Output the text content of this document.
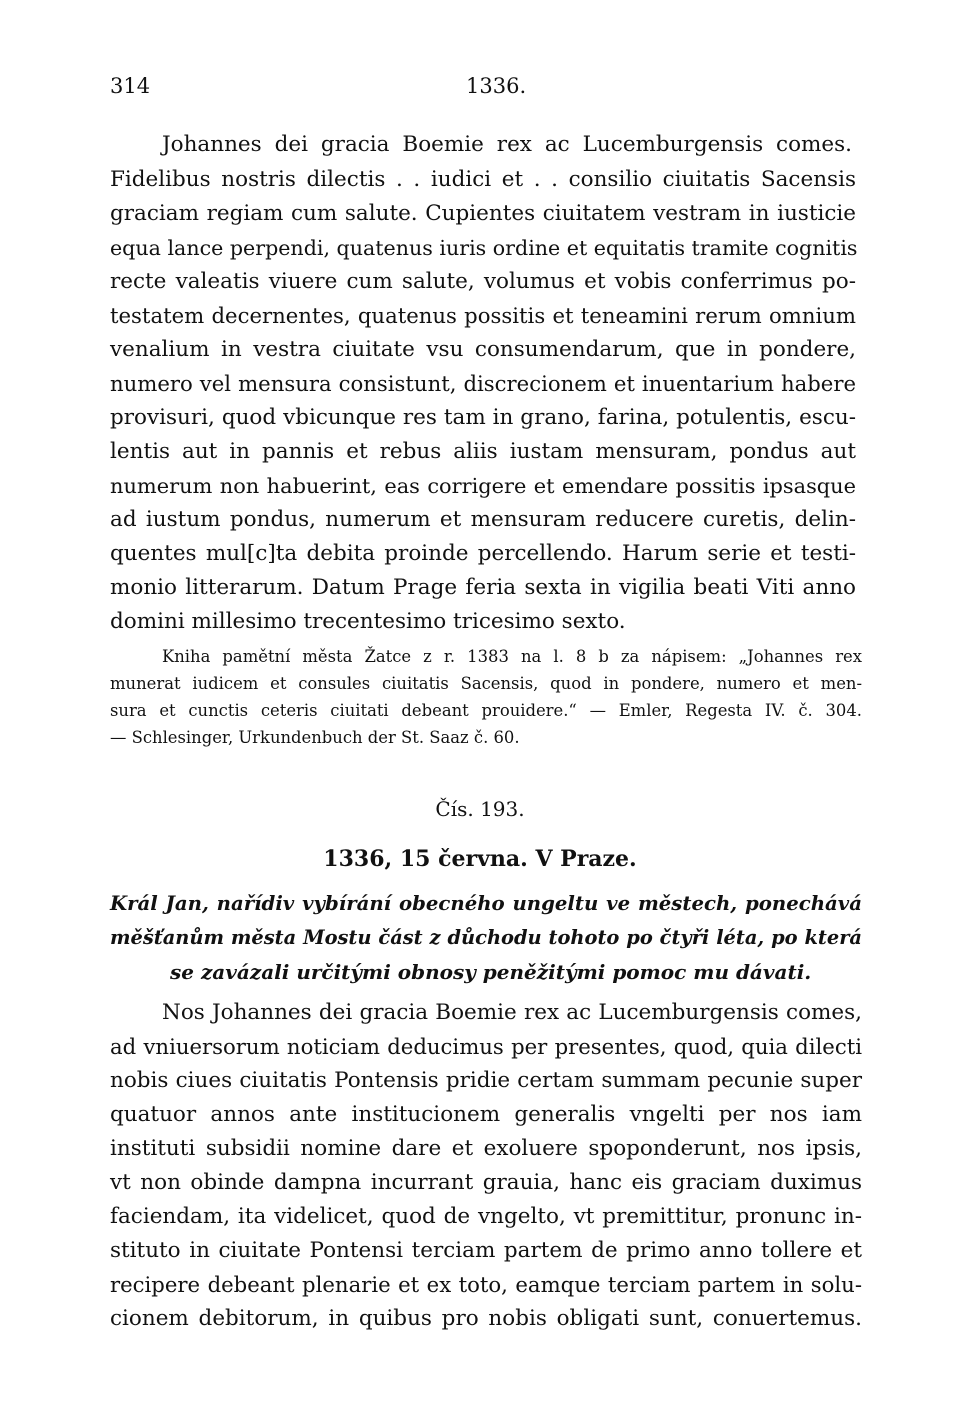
314	1336.
Johannes dei gracia Boemie rex ac Lucemburgensis comes.
Fidelibus nostris dilectis . . iudici et . . consilio ciuitatis Sacensis
graciam regiam cum salute. Cupientes ciuitatem vestram in iusticie
equa lance perpendi, quatenus iuris ordine et equitatis tramite cognitis
recte valeatis viuere cum salute, volumus et vobis conferrimus po-
testatem decernentes, quatenus possitis et teneamini rerum omnium
venalium in vestra ciuitate vsu consumendarum, que in pondere,
numero vel mensura consistunt, discrecionem et inuentarium habere
provisuri, quod vbicunque res tam in grano, farina, potulentis, escu-
lentis aut in pannis et rebus aliis iustam mensuram, pondus aut
numerum non habuerint, eas corrigere et emendare possitis ipsasque
ad iustum pondus, numerum et mensuram reducere curetis, delin-
quentes mul[c]ta debita proinde percellendo. Harum serie et testi-
monio litterarum. Datum Prage feria sexta in vigilia beati Viti anno
domini millesimo trecentesimo tricesimo sexto.
Kniha pamětní města Žatce z r. 1383 na l. 8 b za nápisem: „Johannes rex
munerat iudicem et consules ciuitatis Sacensis, quod in pondere, numero et men-
sura et cunctis ceteris ciuitati debeant prouidere.“ — Emler, Regesta IV. č. 304.
— Schlesinger, Urkundenbuch der St. Saaz č. 60.
Čís. 193.
1336, 15 června. V Praze.
Král Jan, nařídiv vybírání obecného ungeltu ve městech, ponechává
měšťanům města Mostu část z důchodu tohoto po čtyři léta, po která
se zavázali určitými obnosy peněžitými pomoc mu dávati.
Nos Johannes dei gracia Boemie rex ac Lucemburgensis comes,
ad vniuersorum noticiam deducimus per presentes, quod, quia dilecti
nobis ciues ciuitatis Pontensis pridie certam summam pecunie super
quatuor annos ante institucionem generalis vngelti per nos iam
instituti subsidii nomine dare et exoluere spoponderunt, nos ipsis,
vt non obinde dampna incurrant grauia, hanc eis graciam duximus
faciendam, ita videlicet, quod de vngelto, vt premittitur, pronunc in-
stituto in ciuitate Pontensi terciam partem de primo anno tollere et
recipere debeant plenarie et ex toto, eamque terciam partem in solu-
cionem debitorum, in quibus pro nobis obligati sunt, conuertemus.
